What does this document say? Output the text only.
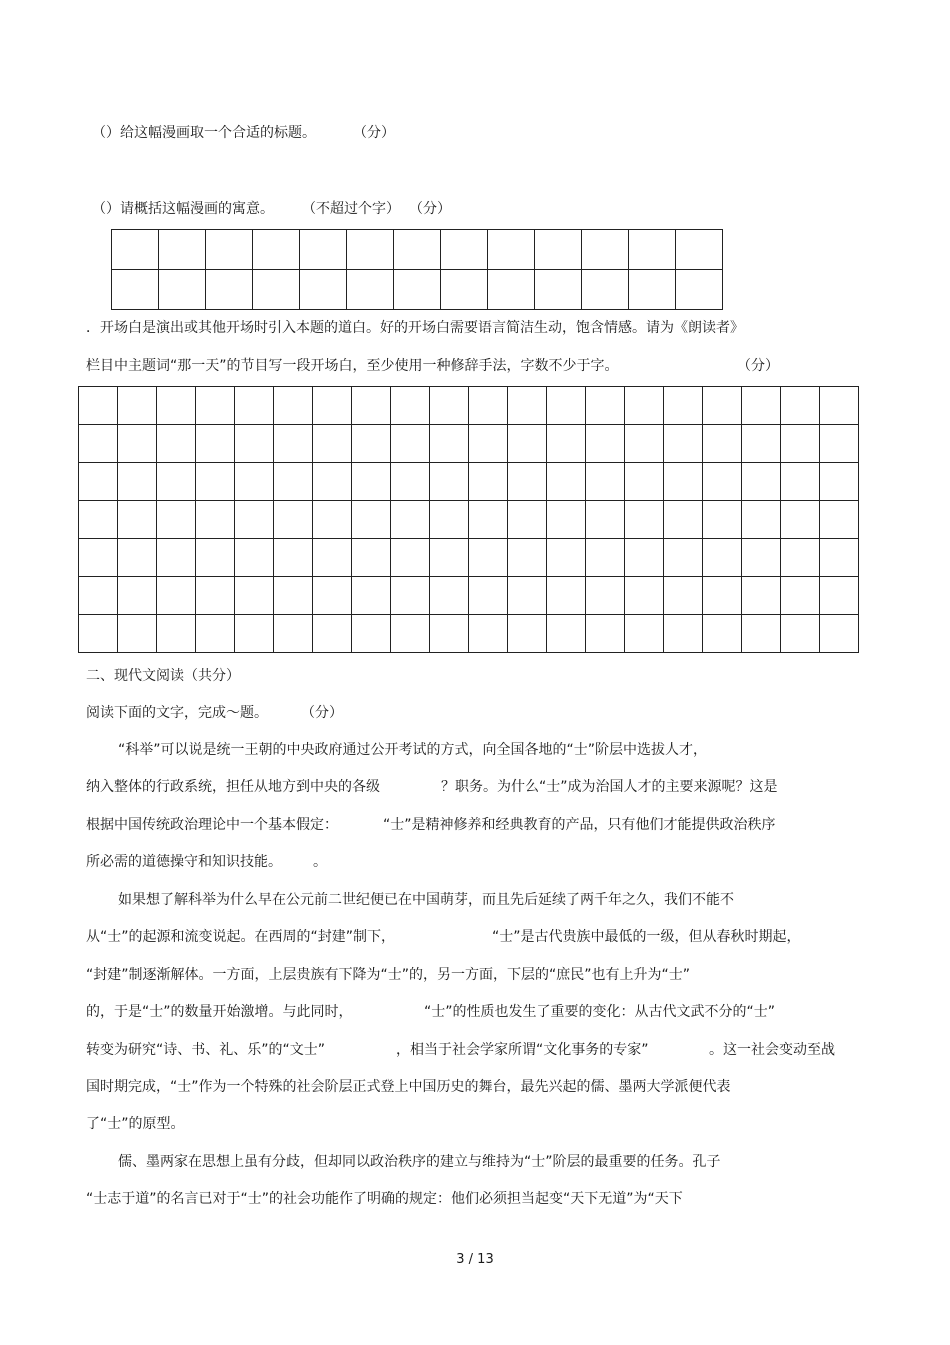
（）给这幅漫画取一个合适的标题。	（分）
（）请概括这幅漫画的寓意。 （不超过个字） （分）

．开场白是演出或其他开场时引入本题的道白。好的开场白需要语言简洁生动，饱含情感。请为《朗读者》
栏目中主题词“那一天”的节目写一段开场白，至少使用一种修辞手法，字数不少于字。	（分）

二、现代文阅读（共分）
阅读下面的文字，完成～题。 （分）
“科举”可以说是统一王朝的中央政府通过公开考试的方式，向全国各地的“士”阶层中选拔人才，
纳入整体的行政系统，担任从地方到中央的各级	？职务。为什么“士”成为治国人才的主要来源呢？这是
根据中国传统政治理论中一个基本假定：	“士”是精神修养和经典教育的产品，只有他们才能提供政治秩序
所必需的道德操守和知识技能。 。
如果想了解科举为什么早在公元前二世纪便已在中国萌芽，而且先后延续了两千年之久，我们不能不
从“士”的起源和流变说起。在西周的“封建”制下，	“士”是古代贵族中最低的一级，但从春秋时期起，
“封建”制逐渐解体。一方面，上层贵族有下降为“士”的，另一方面，下层的“庶民”也有上升为“士”
的，于是“士”的数量开始激增。与此同时，	“士”的性质也发生了重要的变化：从古代文武不分的“士”
转变为研究“诗、书、礼、乐”的“文士”	，相当于社会学家所谓“文化事务的专家”	。这一社会变动至战
国时期完成，“士”作为一个特殊的社会阶层正式登上中国历史的舞台，最先兴起的儒、墨两大学派便代表
了“士”的原型。
儒、墨两家在思想上虽有分歧，但却同以政治秩序的建立与维持为“士”阶层的最重要的任务。孔子
“士志于道”的名言已对于“士”的社会功能作了明确的规定：他们必须担当起变“天下无道”为“天下
3 / 13
